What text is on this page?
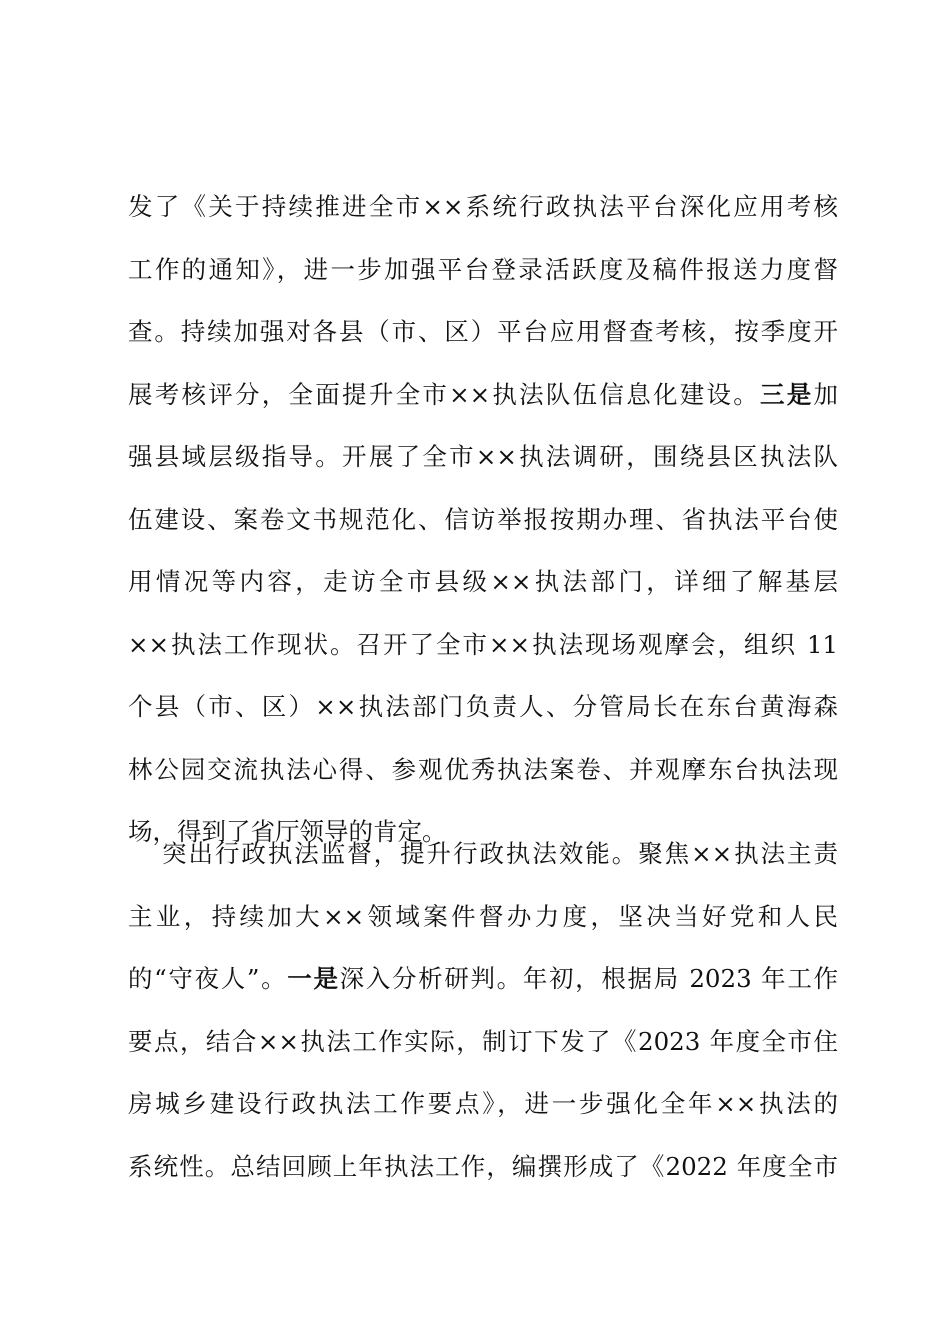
发了《关于持续推进全市××系统行政执法平台深化应用考核
工作的通知》，进一步加强平台登录活跃度及稿件报送力度督
查。持续加强对各县（市、区）平台应用督查考核，按季度开
展考核评分，全面提升全市××执法队伍信息化建设。三是加
强县域层级指导。开展了全市××执法调研，围绕县区执法队
伍建设、案卷文书规范化、信访举报按期办理、省执法平台使
用情况等内容，走访全市县级××执法部门，详细了解基层
××执法工作现状。召开了全市××执法现场观摩会，组织 11
个县（市、区）××执法部门负责人、分管局长在东台黄海森
林公园交流执法心得、参观优秀执法案卷、并观摩东台执法现
场，得到了省厅领导的肯定。
突出行政执法监督，提升行政执法效能。聚焦××执法主责
主业，持续加大××领域案件督办力度，坚决当好党和人民
的“守夜人”。一是深入分析研判。年初，根据局 2023 年工作
要点，结合××执法工作实际，制订下发了《2023 年度全市住
房城乡建设行政执法工作要点》，进一步强化全年××执法的
系统性。总结回顾上年执法工作，编撰形成了《2022 年度全市
